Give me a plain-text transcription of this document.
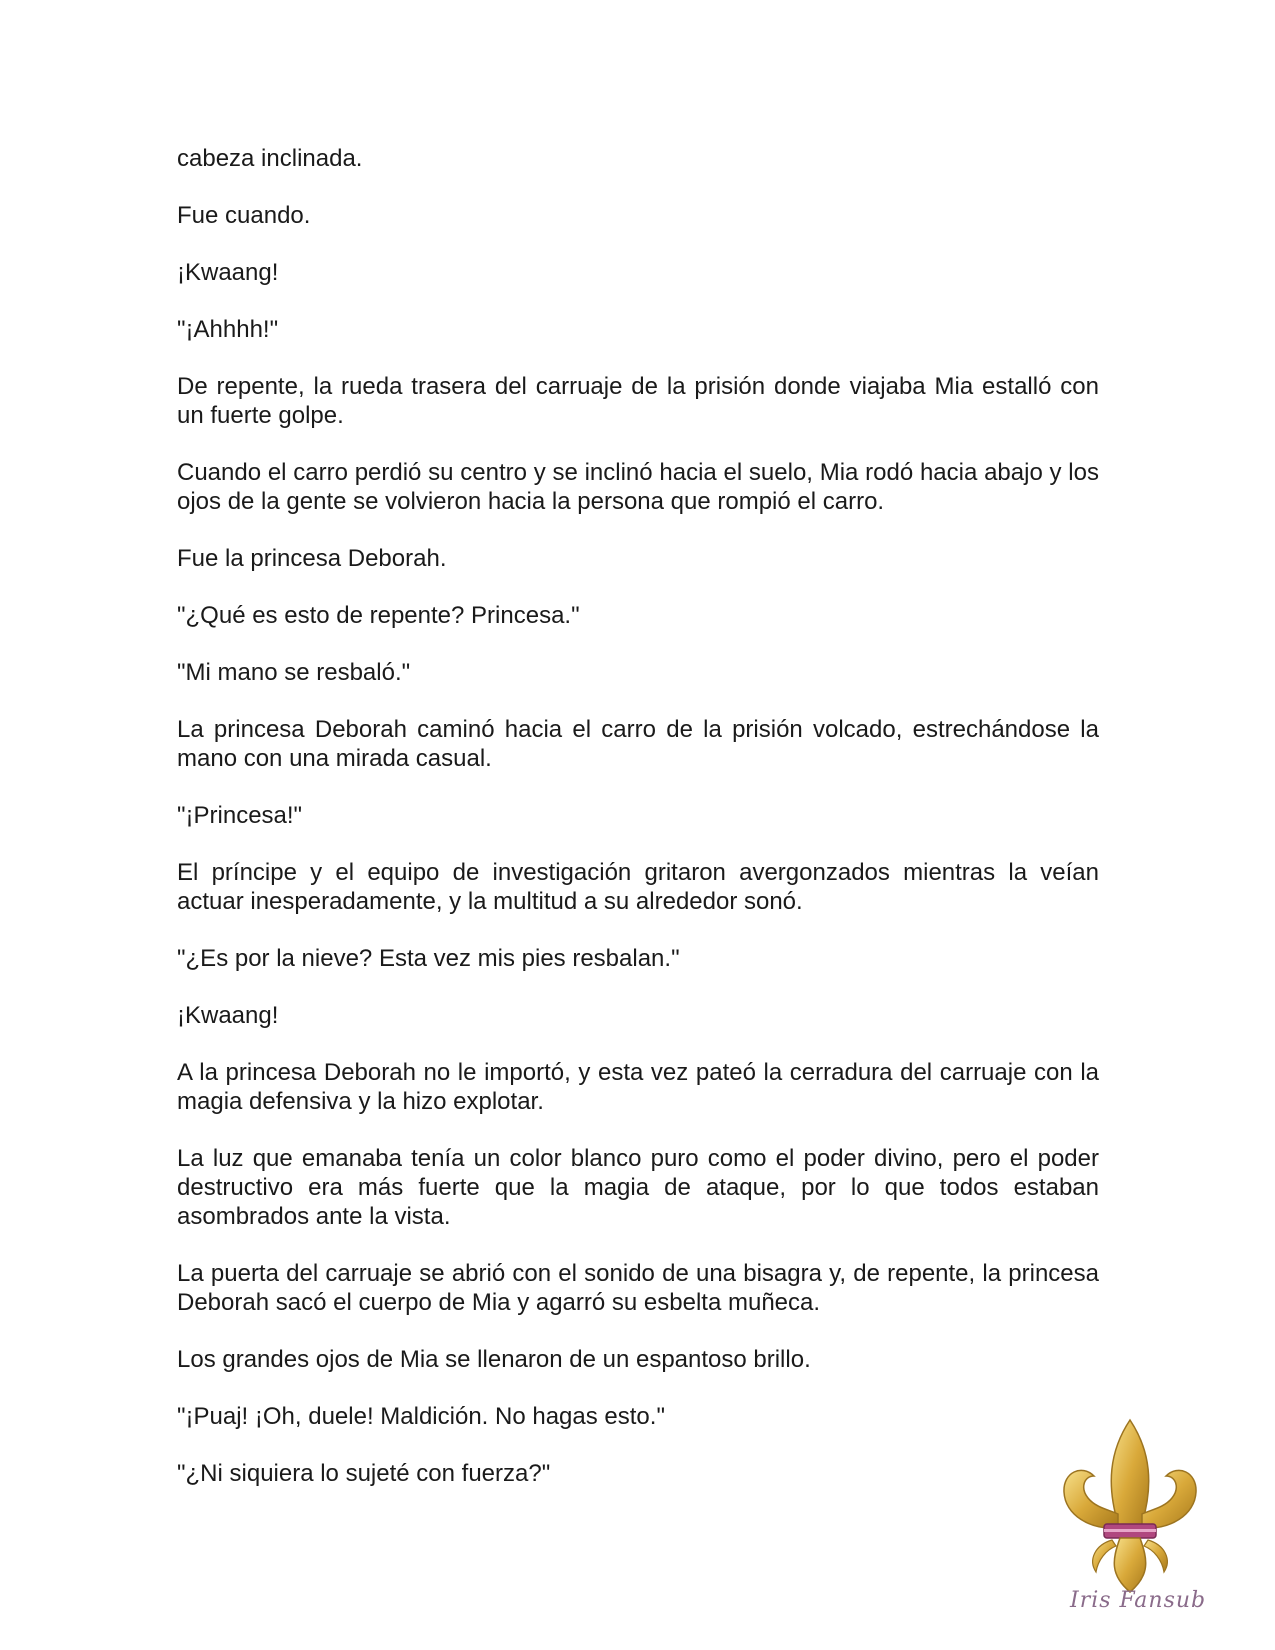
cabeza inclinada.

Fue cuando.

¡Kwaang!

"¡Ahhhh!"

De repente, la rueda trasera del carruaje de la prisión donde viajaba Mia estalló con un fuerte golpe.

Cuando el carro perdió su centro y se inclinó hacia el suelo, Mia rodó hacia abajo y los ojos de la gente se volvieron hacia la persona que rompió el carro.

Fue la princesa Deborah.

"¿Qué es esto de repente? Princesa."

"Mi mano se resbaló."

La princesa Deborah caminó hacia el carro de la prisión volcado, estrechándose la mano con una mirada casual.

"¡Princesa!"

El príncipe y el equipo de investigación gritaron avergonzados mientras la veían actuar inesperadamente, y la multitud a su alrededor sonó.

"¿Es por la nieve? Esta vez mis pies resbalan."

¡Kwaang!

A la princesa Deborah no le importó, y esta vez pateó la cerradura del carruaje con la magia defensiva y la hizo explotar.

La luz que emanaba tenía un color blanco puro como el poder divino, pero el poder destructivo era más fuerte que la magia de ataque, por lo que todos estaban asombrados ante la vista.

La puerta del carruaje se abrió con el sonido de una bisagra y, de repente, la princesa Deborah sacó el cuerpo de Mia y agarró su esbelta muñeca.

Los grandes ojos de Mia se llenaron de un espantoso brillo.

"¡Puaj! ¡Oh, duele! Maldición. No hagas esto."

"¿Ni siquiera lo sujeté con fuerza?"

Iris Fansub
